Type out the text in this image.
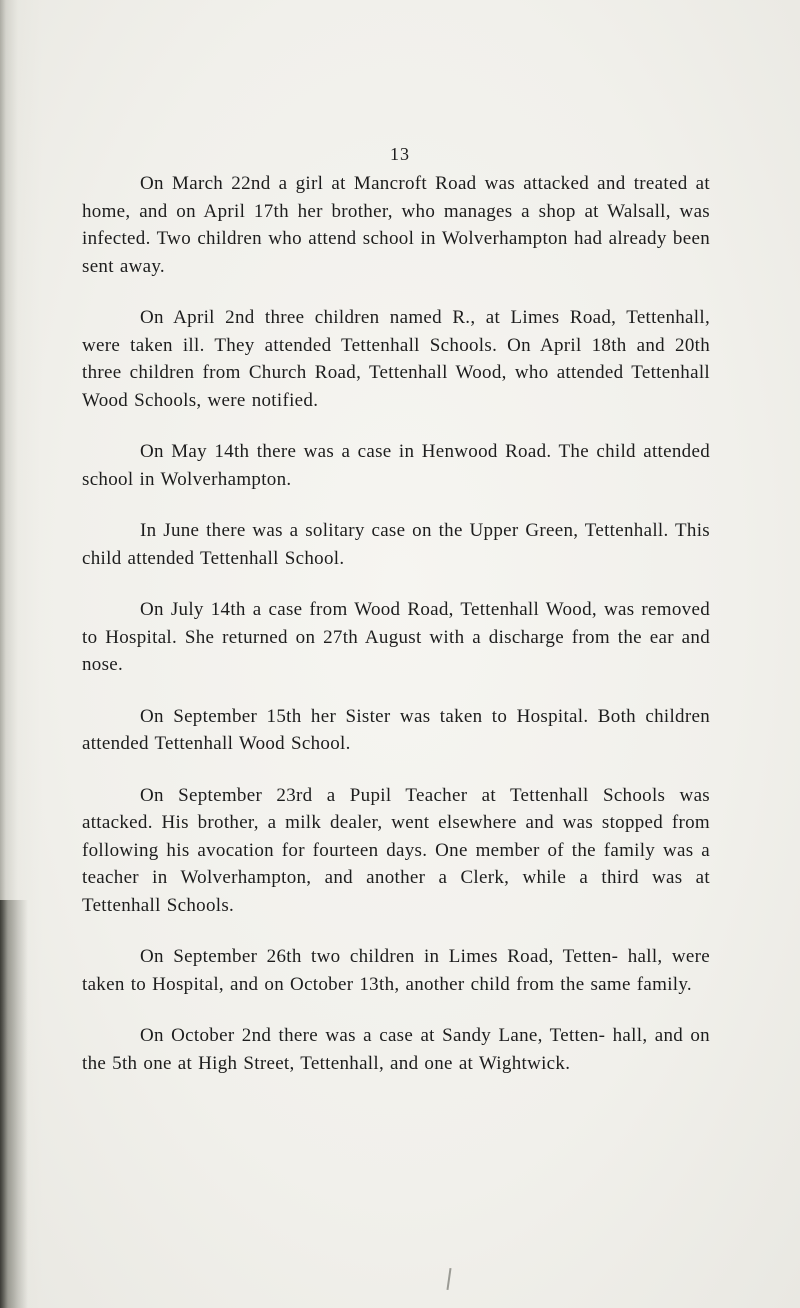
13

On March 22nd a girl at Mancroft Road was attacked and treated at home, and on April 17th her brother, who manages a shop at Walsall, was infected. Two children who attend school in Wolverhampton had already been sent away.

On April 2nd three children named R., at Limes Road, Tettenhall, were taken ill. They attended Tettenhall Schools. On April 18th and 20th three children from Church Road, Tettenhall Wood, who attended Tettenhall Wood Schools, were notified.

On May 14th there was a case in Henwood Road. The child attended school in Wolverhampton.

In June there was a solitary case on the Upper Green, Tettenhall. This child attended Tettenhall School.

On July 14th a case from Wood Road, Tettenhall Wood, was removed to Hospital. She returned on 27th August with a discharge from the ear and nose.

On September 15th her Sister was taken to Hospital. Both children attended Tettenhall Wood School.

On September 23rd a Pupil Teacher at Tettenhall Schools was attacked. His brother, a milk dealer, went elsewhere and was stopped from following his avocation for fourteen days. One member of the family was a teacher in Wolverhampton, and another a Clerk, while a third was at Tettenhall Schools.

On September 26th two children in Limes Road, Tetten- hall, were taken to Hospital, and on October 13th, another child from the same family.

On October 2nd there was a case at Sandy Lane, Tetten- hall, and on the 5th one at High Street, Tettenhall, and one at Wightwick.
